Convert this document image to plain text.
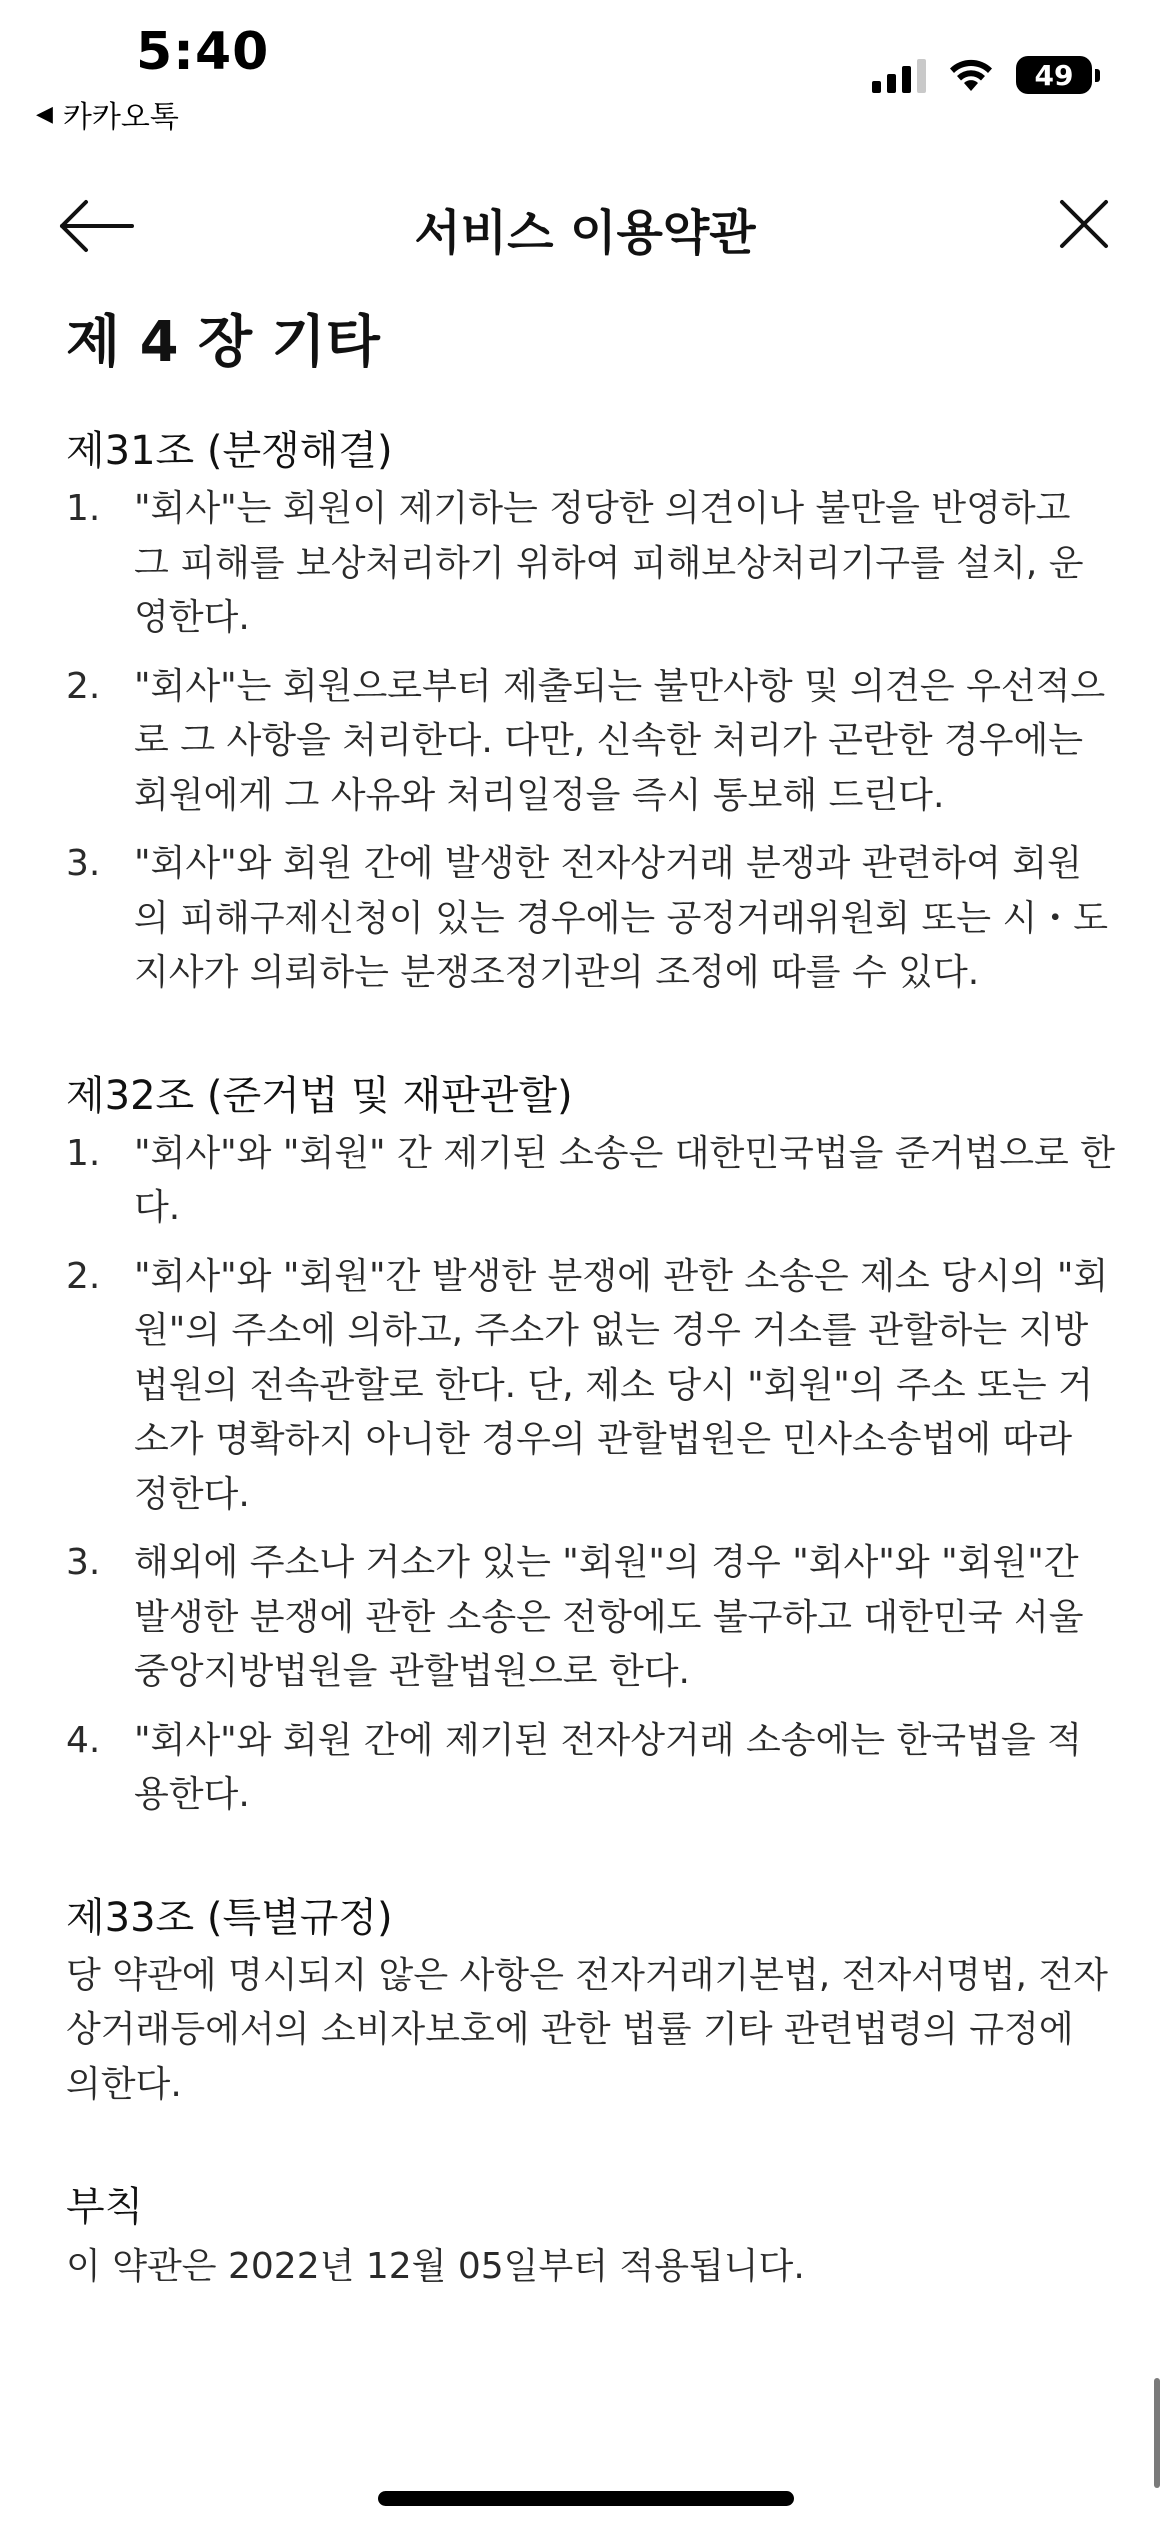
5:40
◀ 카카오톡
49
서비스 이용약관
제 4 장 기타
제31조 (분쟁해결)
1. "회사"는 회원이 제기하는 정당한 의견이나 불만을 반영하고 그 피해를 보상처리하기 위하여 피해보상처리기구를 설치, 운영한다.
2. "회사"는 회원으로부터 제출되는 불만사항 및 의견은 우선적으로 그 사항을 처리한다. 다만, 신속한 처리가 곤란한 경우에는 회원에게 그 사유와 처리일정을 즉시 통보해 드린다.
3. "회사"와 회원 간에 발생한 전자상거래 분쟁과 관련하여 회원의 피해구제신청이 있는 경우에는 공정거래위원회 또는 시・도지사가 의뢰하는 분쟁조정기관의 조정에 따를 수 있다.
제32조 (준거법 및 재판관할)
1. "회사"와 "회원" 간 제기된 소송은 대한민국법을 준거법으로 한다.
2. "회사"와 "회원"간 발생한 분쟁에 관한 소송은 제소 당시의 "회원"의 주소에 의하고, 주소가 없는 경우 거소를 관할하는 지방법원의 전속관할로 한다. 단, 제소 당시 "회원"의 주소 또는 거소가 명확하지 아니한 경우의 관할법원은 민사소송법에 따라 정한다.
3. 해외에 주소나 거소가 있는 "회원"의 경우 "회사"와 "회원"간 발생한 분쟁에 관한 소송은 전항에도 불구하고 대한민국 서울중앙지방법원을 관할법원으로 한다.
4. "회사"와 회원 간에 제기된 전자상거래 소송에는 한국법을 적용한다.
제33조 (특별규정)
당 약관에 명시되지 않은 사항은 전자거래기본법, 전자서명법, 전자상거래등에서의 소비자보호에 관한 법률 기타 관련법령의 규정에 의한다.
부칙
이 약관은 2022년 12월 05일부터 적용됩니다.
